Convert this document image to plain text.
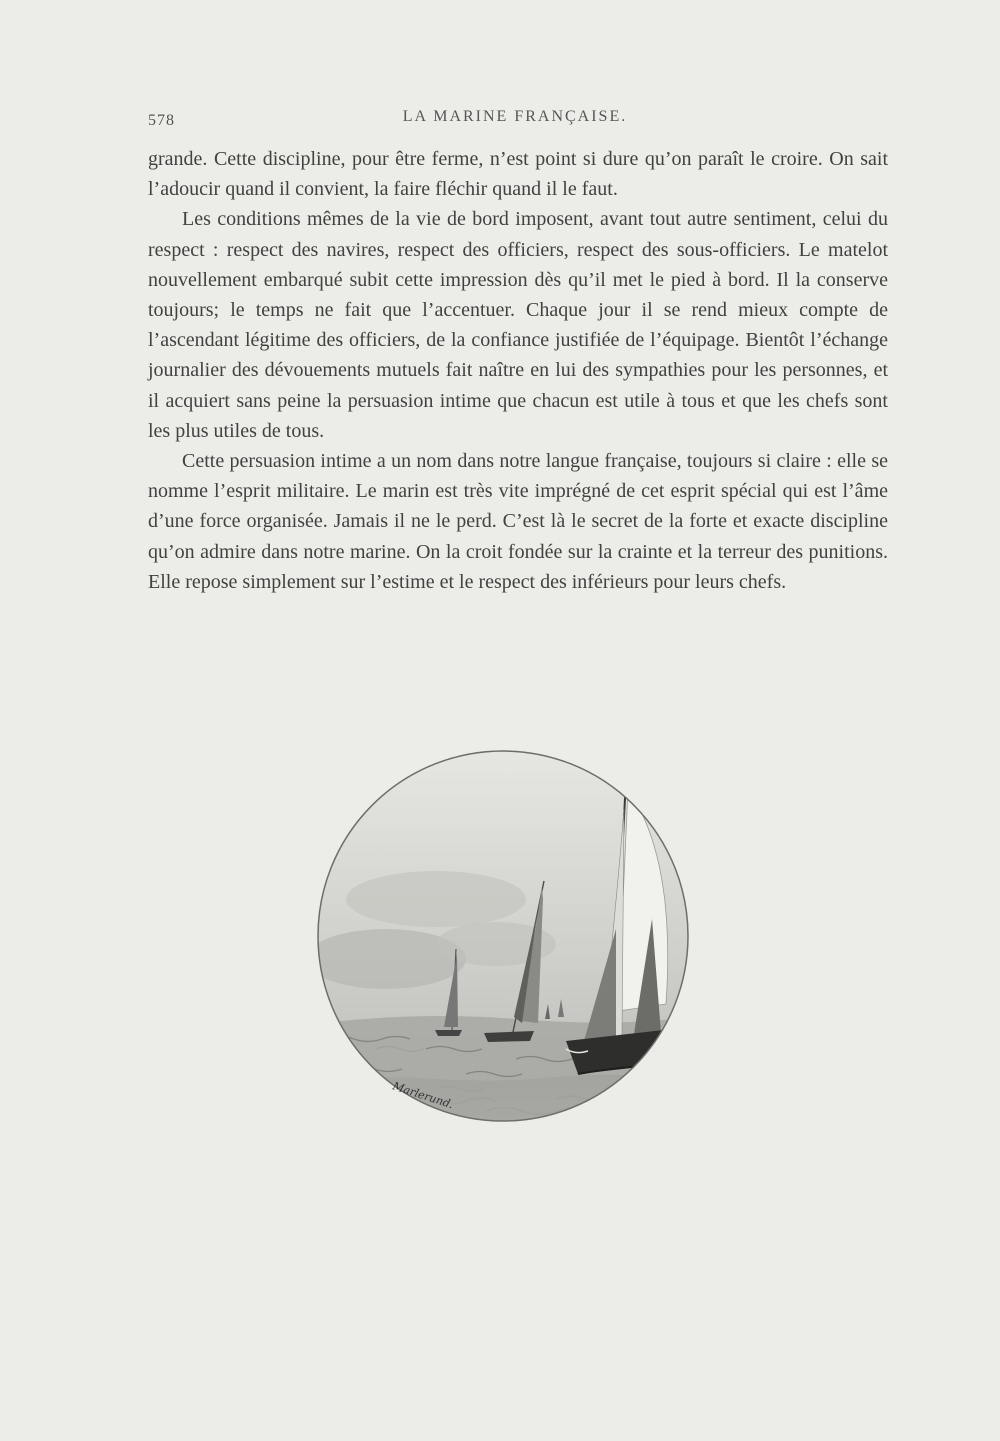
578	LA MARINE FRANÇAISE.

grande. Cette discipline, pour être ferme, n’est point si dure qu’on paraît le croire. On sait l’adoucir quand il convient, la faire fléchir quand il le faut.

Les conditions mêmes de la vie de bord imposent, avant tout autre sentiment, celui du respect : respect des navires, respect des officiers, respect des sous-officiers. Le matelot nouvellement embarqué subit cette impression dès qu’il met le pied à bord. Il la conserve toujours; le temps ne fait que l’accentuer. Chaque jour il se rend mieux compte de l’ascendant légitime des officiers, de la confiance justifiée de l’équipage. Bientôt l’échange journalier des dévouements mutuels fait naître en lui des sympathies pour les personnes, et il acquiert sans peine la persuasion intime que chacun est utile à tous et que les chefs sont les plus utiles de tous.

Cette persuasion intime a un nom dans notre langue française, toujours si claire : elle se nomme l’esprit militaire. Le marin est très vite imprégné de cet esprit spécial qui est l’âme d’une force organisée. Jamais il ne le perd. C’est là le secret de la forte et exacte discipline qu’on admire dans notre marine. On la croit fondée sur la crainte et la terreur des punitions. Elle repose simplement sur l’estime et le respect des inférieurs pour leurs chefs.

Marlerund.
